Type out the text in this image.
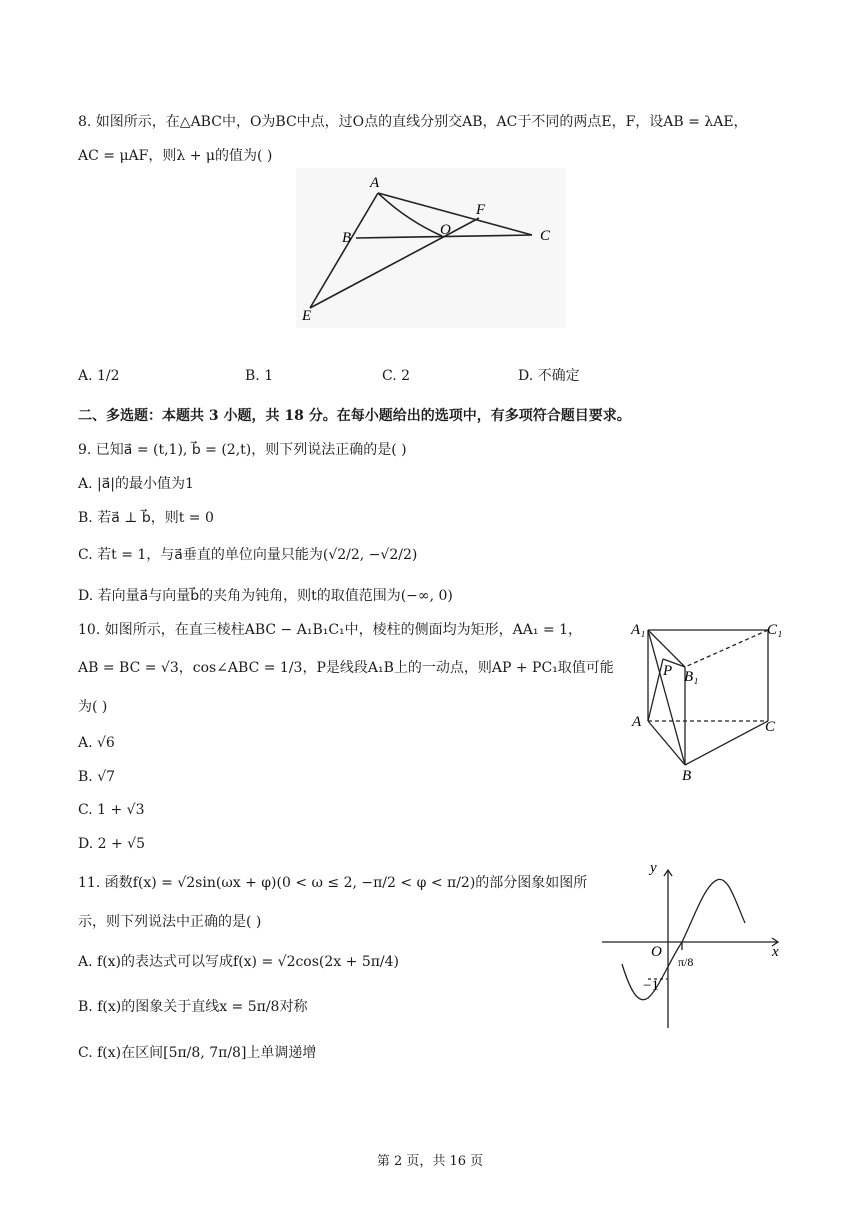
8. 如图所示，在△ABC中，O为BC中点，过O点的直线分别交AB，AC于不同的两点E，F，设AB = λAE，
AC = μAF，则λ + μ的值为( )
A
B	C
O
F
E
A. 1/2	B. 1	C. 2	D. 不确定
二、多选题：本题共 3 小题，共 18 分。在每小题给出的选项中，有多项符合题目要求。
9. 已知a⃗ = (t,1), b⃗ = (2,t)，则下列说法正确的是( )
A. |a⃗|的最小值为1
B. 若a⃗ ⊥ b⃗，则t = 0
C. 若t = 1，与a⃗垂直的单位向量只能为(√2/2, −√2/2)
D. 若向量a⃗与向量b⃗的夹角为钝角，则t的取值范围为(−∞, 0)
10. 如图所示，在直三棱柱ABC − A₁B₁C₁中，棱柱的侧面均为矩形，AA₁ = 1，
AB = BC = √3，cos∠ABC = 1/3，P是线段A₁B上的一动点，则AP + PC₁取值可能
为( )
A. √6
B. √7
C. 1 + √3
D. 2 + √5
A₁	C₁
P B₁
A	C
B
11. 函数f(x) = √2sin(ωx + φ)(0 < ω ≤ 2, −π/2 < φ < π/2)的部分图象如图所
示，则下列说法中正确的是( )
A. f(x)的表达式可以写成f(x) = √2cos(2x + 5π/4)
B. f(x)的图象关于直线x = 5π/8对称
C. f(x)在区间[5π/8, 7π/8]上单调递增
y
x
O
−1
π/8
第 2 页，共 16 页
